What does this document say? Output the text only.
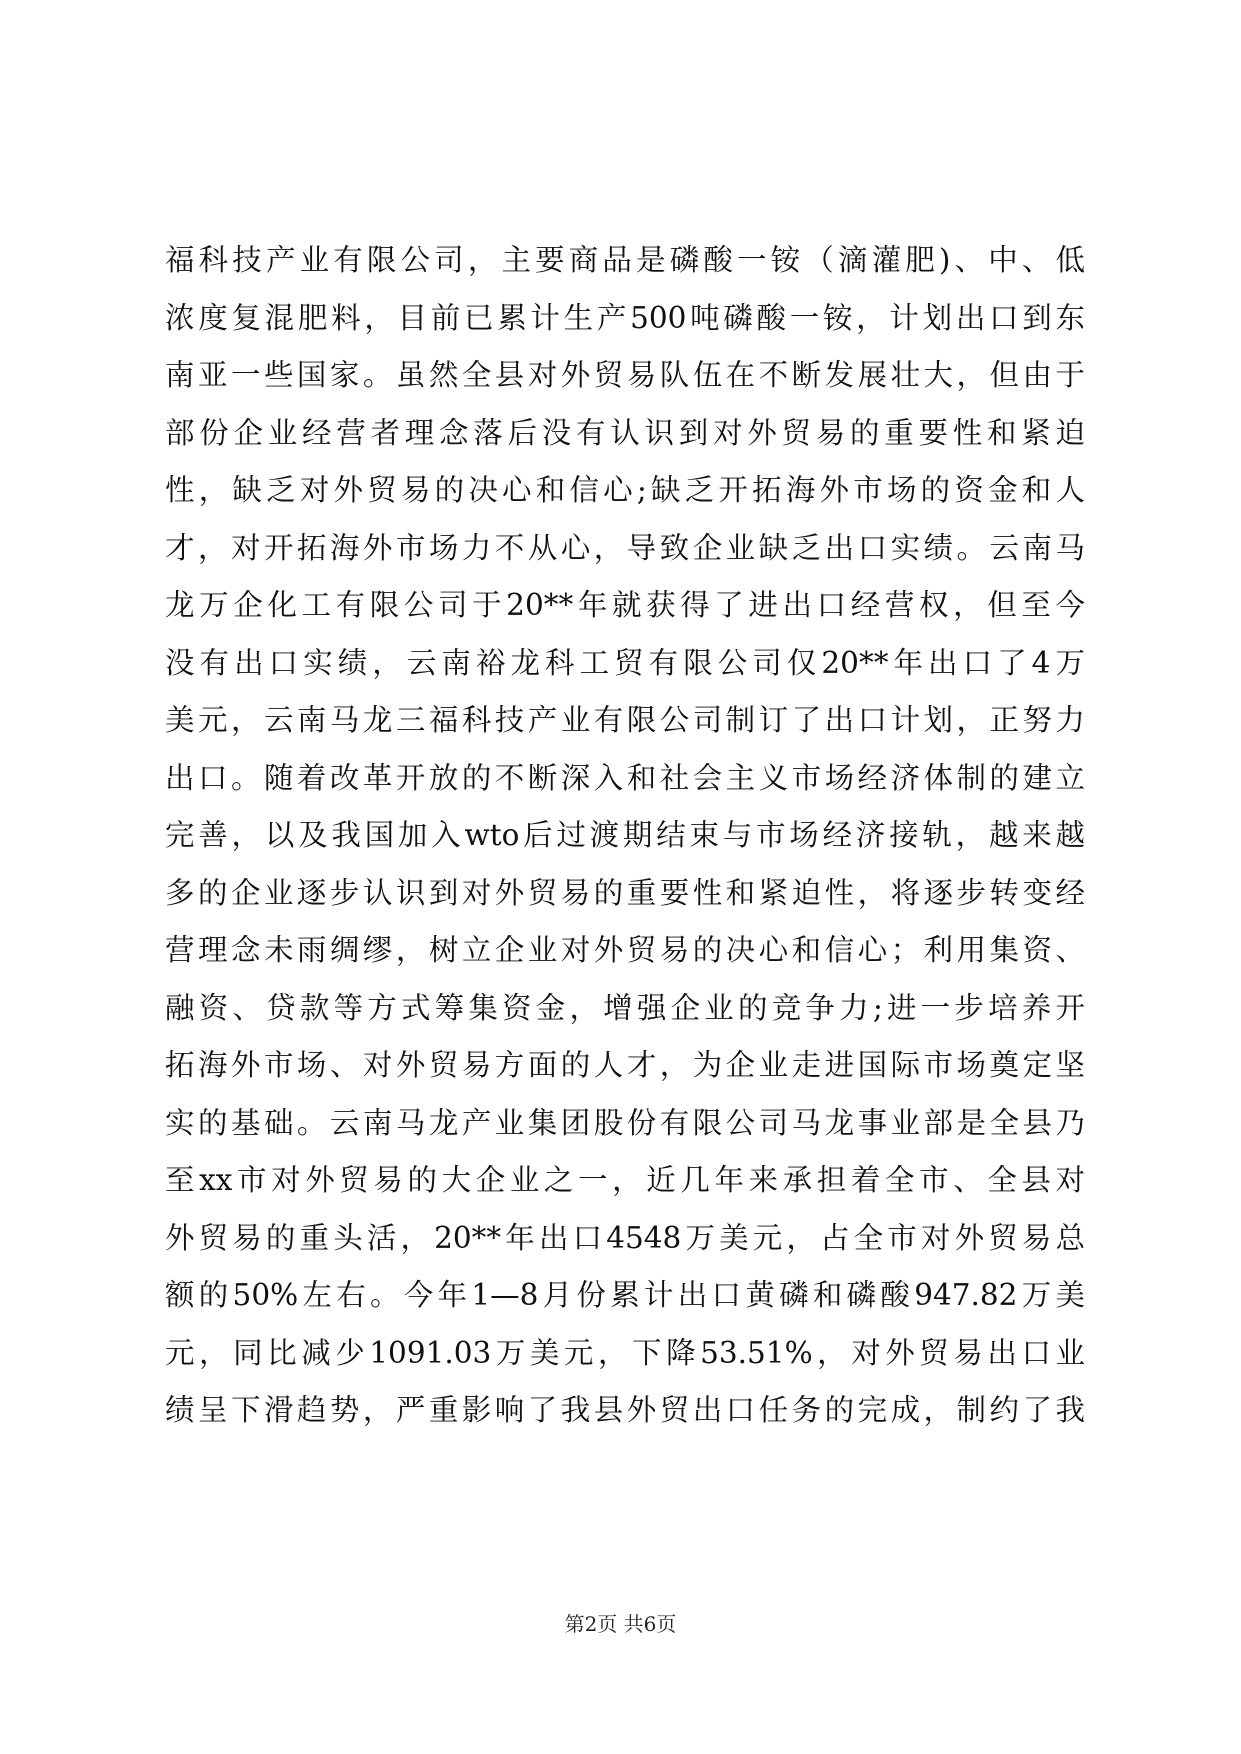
福科技产业有限公司，主要商品是磷酸一铵（滴灌肥)、中、低
浓度复混肥料，目前已累计生产500吨磷酸一铵，计划出口到东
南亚一些国家。虽然全县对外贸易队伍在不断发展壮大，但由于
部份企业经营者理念落后没有认识到对外贸易的重要性和紧迫
性，缺乏对外贸易的决心和信心;缺乏开拓海外市场的资金和人
才，对开拓海外市场力不从心，导致企业缺乏出口实绩。云南马
龙万企化工有限公司于20**年就获得了进出口经营权，但至今
没有出口实绩，云南裕龙科工贸有限公司仅20**年出口了4万
美元，云南马龙三福科技产业有限公司制订了出口计划，正努力
出口。随着改革开放的不断深入和社会主义市场经济体制的建立
完善，以及我国加入wto后过渡期结束与市场经济接轨，越来越
多的企业逐步认识到对外贸易的重要性和紧迫性，将逐步转变经
营理念未雨绸缪，树立企业对外贸易的决心和信心；利用集资、
融资、贷款等方式筹集资金，增强企业的竞争力;进一步培养开
拓海外市场、对外贸易方面的人才，为企业走进国际市场奠定坚
实的基础。云南马龙产业集团股份有限公司马龙事业部是全县乃
至xx市对外贸易的大企业之一，近几年来承担着全市、全县对
外贸易的重头活，20**年出口4548万美元，占全市对外贸易总
额的50%左右。今年1—8月份累计出口黄磷和磷酸947.82万美
元，同比减少1091.03万美元，下降53.51%，对外贸易出口业
绩呈下滑趋势，严重影响了我县外贸出口任务的完成，制约了我
第2页 共6页
